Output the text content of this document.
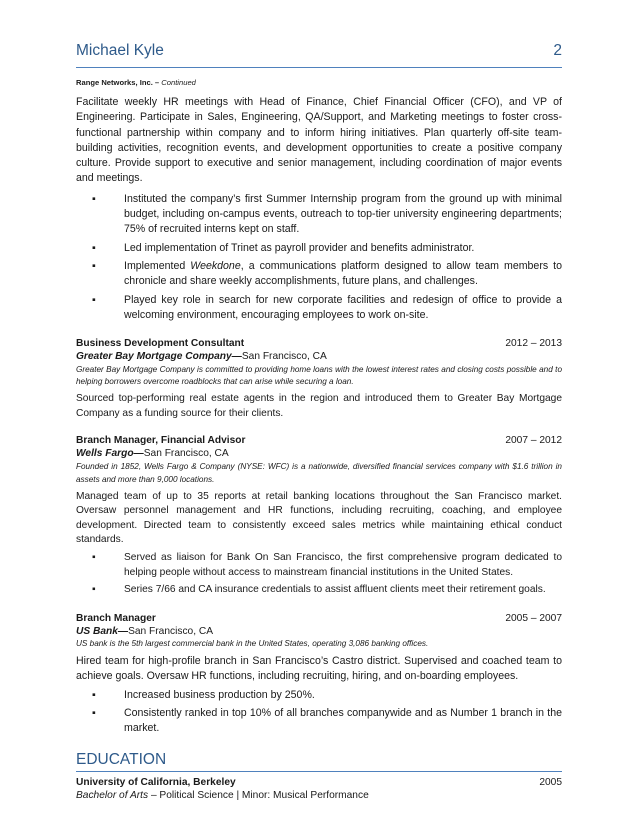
Michael Kyle	2
Range Networks, Inc. – Continued

Facilitate weekly HR meetings with Head of Finance, Chief Financial Officer (CFO), and VP of Engineering. Participate in Sales, Engineering, QA/Support, and Marketing meetings to foster cross-functional partnership within company and to inform hiring initiatives. Plan quarterly off-site team-building activities, recognition events, and development opportunities to create a positive company culture. Provide support to executive and senior management, including coordination of major events and meetings.

▪	Instituted the company’s first Summer Internship program from the ground up with minimal budget, including on-campus events, outreach to top-tier university engineering departments; 75% of recruited interns kept on staff.
▪	Led implementation of Trinet as payroll provider and benefits administrator.
▪	Implemented Weekdone, a communications platform designed to allow team members to chronicle and share weekly accomplishments, future plans, and challenges.
▪	Played key role in search for new corporate facilities and redesign of office to provide a welcoming environment, encouraging employees to work on-site.
Business Development Consultant	2012 – 2013
Greater Bay Mortgage Company—San Francisco, CA

Greater Bay Mortgage Company is committed to providing home loans with the lowest interest rates and closing costs possible and to helping borrowers overcome roadblocks that can arise while securing a loan.

Sourced top-performing real estate agents in the region and introduced them to Greater Bay Mortgage Company as a funding source for their clients.

Branch Manager, Financial Advisor	2007 – 2012
Wells Fargo—San Francisco, CA

Founded in 1852, Wells Fargo & Company (NYSE: WFC) is a nationwide, diversified financial services company with $1.6 trillion in assets and more than 9,000 locations.

Managed team of up to 35 reports at retail banking locations throughout the San Francisco market. Oversaw personnel management and HR functions, including recruiting, coaching, and employee development. Directed team to consistently exceed sales metrics while maintaining ethical conduct standards.

▪	Served as liaison for Bank On San Francisco, the first comprehensive program dedicated to helping people without access to mainstream financial institutions in the United States.
▪	Series 7/66 and CA insurance credentials to assist affluent clients meet their retirement goals.
Branch Manager	2005 – 2007
US Bank—San Francisco, CA

US bank is the 5th largest commercial bank in the United States, operating 3,086 banking offices.

Hired team for high-profile branch in San Francisco’s Castro district. Supervised and coached team to achieve goals. Oversaw HR functions, including recruiting, hiring, and on-boarding employees.

▪	Increased business production by 250%.
▪	Consistently ranked in top 10% of all branches companywide and as Number 1 branch in the market.
EDUCATION
University of California, Berkeley	2005
Bachelor of Arts – Political Science | Minor: Musical Performance
